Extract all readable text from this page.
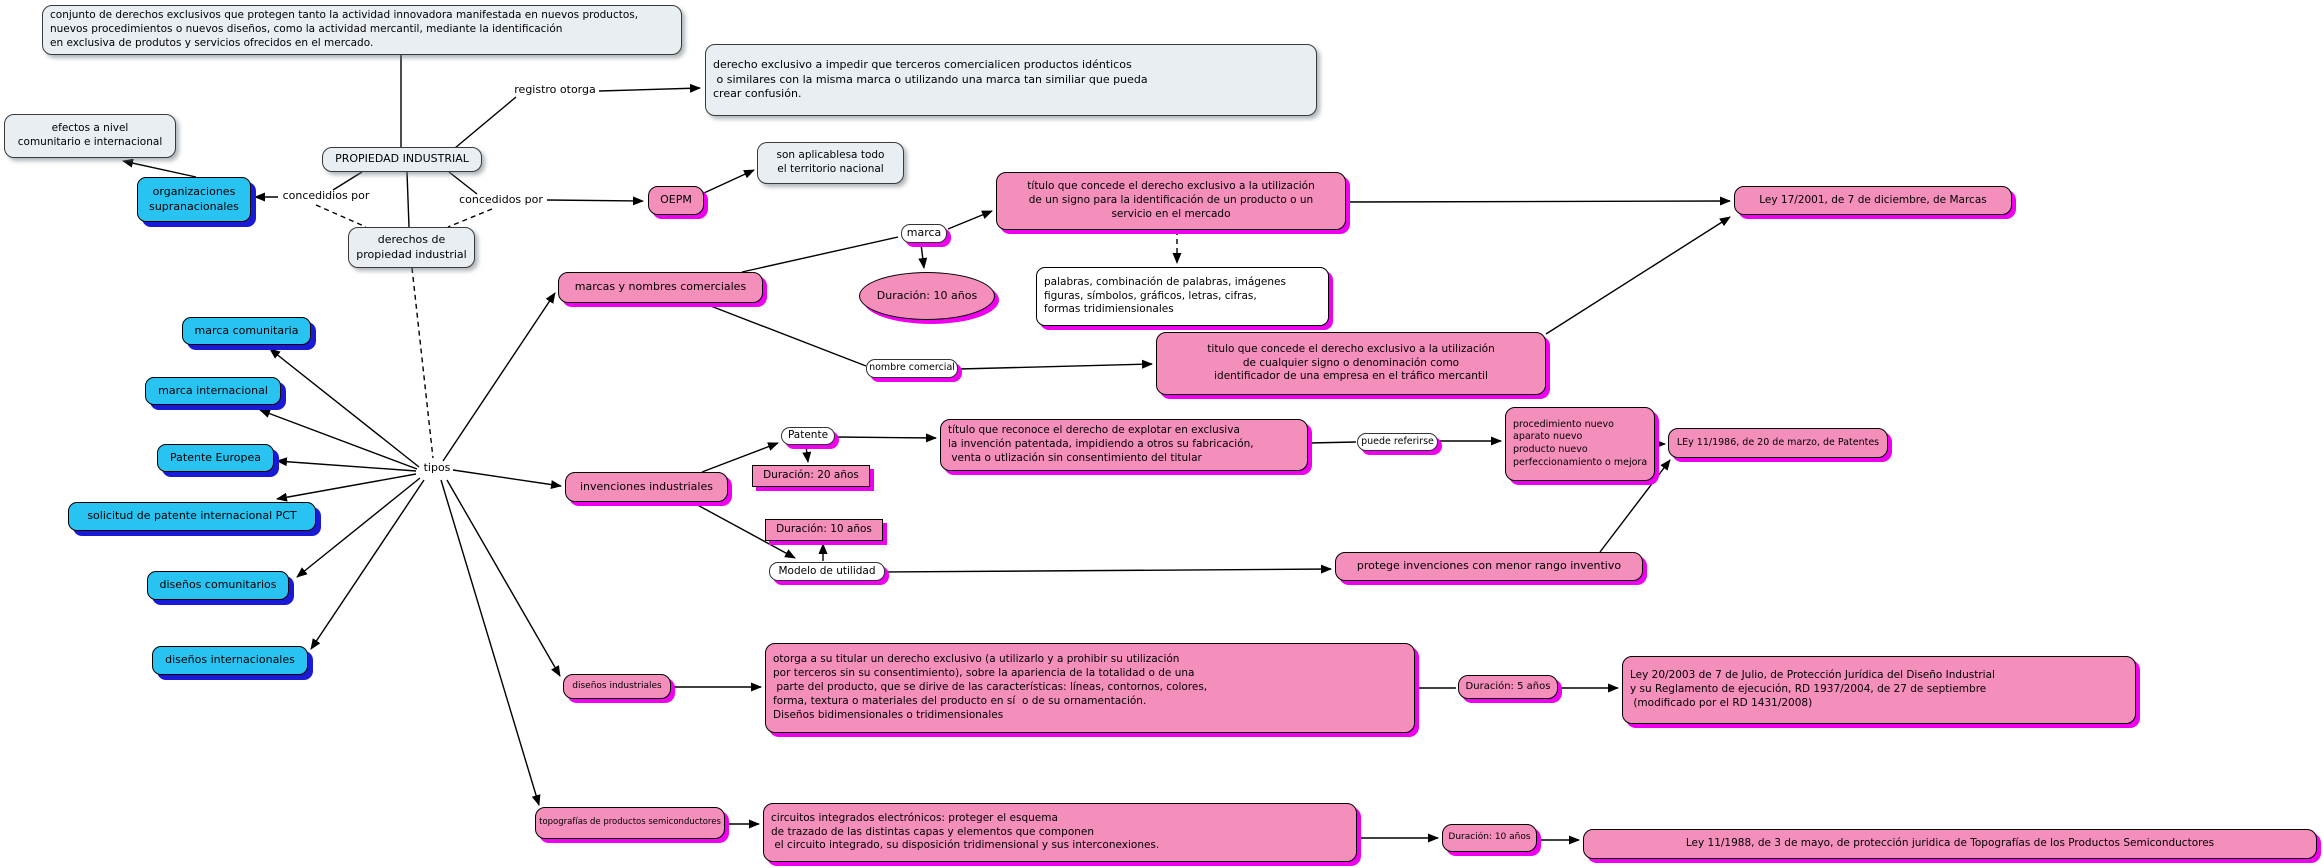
conjunto de derechos exclusivos que protegen tanto la actividad innovadora manifestada en nuevos productos,
nuevos procedimientos o nuevos diseños, como la actividad mercantil, mediante la identificación
en exclusiva de produtos y servicios ofrecidos en el mercado.
registro otorga
derecho exclusivo a impedir que terceros comercialicen productos idénticos
o similares con la misma marca o utilizando una marca tan similiar que pueda
crear confusión.
efectos a nivel
comunitario e internacional
PROPIEDAD INDUSTRIAL
organizaciones
supranacionales
concedidios por	concedidos por
derechos de
propiedad industrial
OEPM
son aplicablesa todo
el territorio nacional
marcas y nombres comerciales
marca
Duración: 10 años
título que concede el derecho exclusivo a la utilización
de un signo para la identificación de un producto o un
servicio en el mercado
palabras, combinación de palabras, imágenes
figuras, símbolos, gráficos, letras, cifras,
formas tridimiensionales
Ley 17/2001, de 7 de diciembre, de Marcas
nombre comercial
titulo que concede el derecho exclusivo a la utilización
de cualquier signo o denominación como
identificador de una empresa en el tráfico mercantil
tipos
marca comunitaria
marca internacional
Patente Europea
solicitud de patente internacional PCT
diseños comunitarios
diseños internacionales
invenciones industriales
Patente
Duración: 20 años
Duración: 10 años
Modelo de utilidad
título que reconoce el derecho de explotar en exclusiva
la invención patentada, impidiendo a otros su fabricación,
venta o utlización sin consentimiento del titular
puede referirse
procedimiento nuevo
aparato nuevo
producto nuevo
perfeccionamiento o mejora
LEy 11/1986, de 20 de marzo, de Patentes
protege invenciones con menor rango inventivo
diseños industriales
otorga a su titular un derecho exclusivo (a utilizarlo y a prohibir su utilización
por terceros sin su consentimiento), sobre la apariencia de la totalidad o de una
parte del producto, que se dirive de las características: líneas, contornos, colores,
forma, textura o materiales del producto en sí  o de su ornamentación.
Diseños bidimensionales o tridimensionales
Duración: 5 años
Ley 20/2003 de 7 de Julio, de Protección Jurídica del Diseño Industrial
y su Reglamento de ejecución, RD 1937/2004, de 27 de septiembre
(modificado por el RD 1431/2008)
topografías de productos semiconductores	circuitos integrados electrónicos: proteger el esquema
de trazado de las distintas capas y elementos que componen
el circuito integrado, su disposición tridimensional y sus interconexiones.
Duración: 10 años	Ley 11/1988, de 3 de mayo, de protección juridica de Topografías de los Productos Semiconductores
